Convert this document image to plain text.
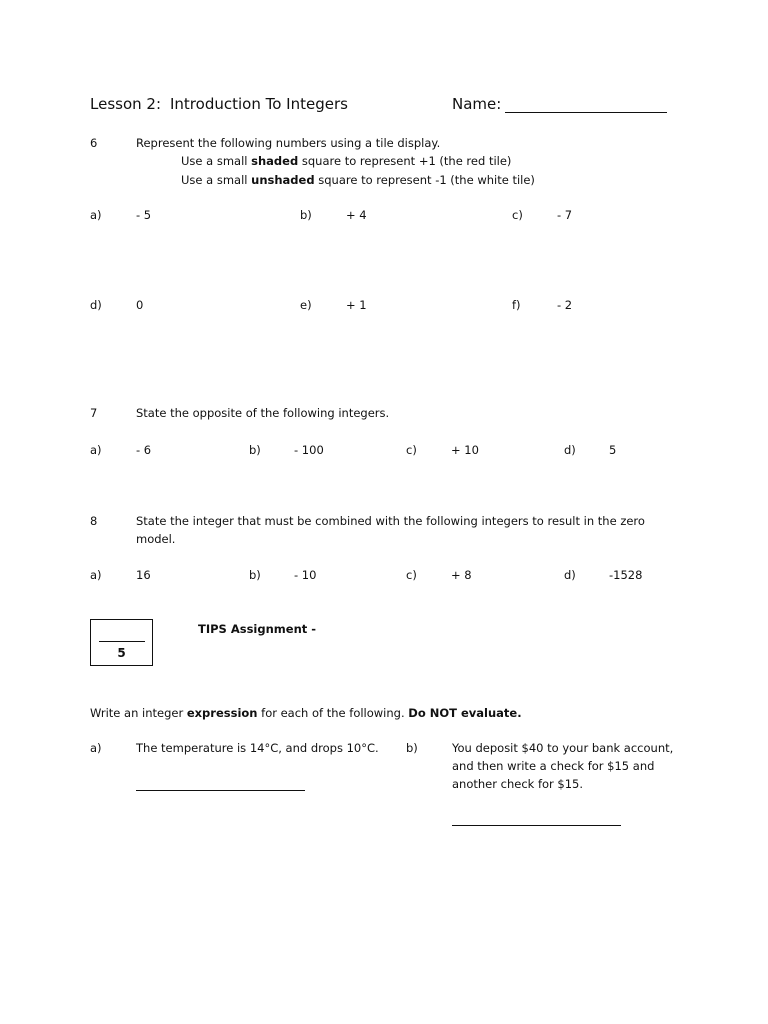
Lesson 2: Introduction To Integers	Name:
6	Represent the following numbers using a tile display.
Use a small shaded square to represent +1 (the red tile)
Use a small unshaded square to represent -1 (the white tile)
a)	- 5	b)	+ 4	c)	- 7
d)	0	e)	+ 1	f)	- 2
7	State the opposite of the following integers.
a)	- 6	b)	- 100	c)	+ 10	d)	5
8	State the integer that must be combined with the following integers to result in the zero
model.
a)	16	b)	- 10	c)	+ 8	d)	-1528
5
TIPS Assignment -
Write an integer expression for each of the following. Do NOT evaluate.
a)	The temperature is 14°C, and drops 10°C. b)	You deposit $40 to your bank account,
and then write a check for $15 and
another check for $15.
